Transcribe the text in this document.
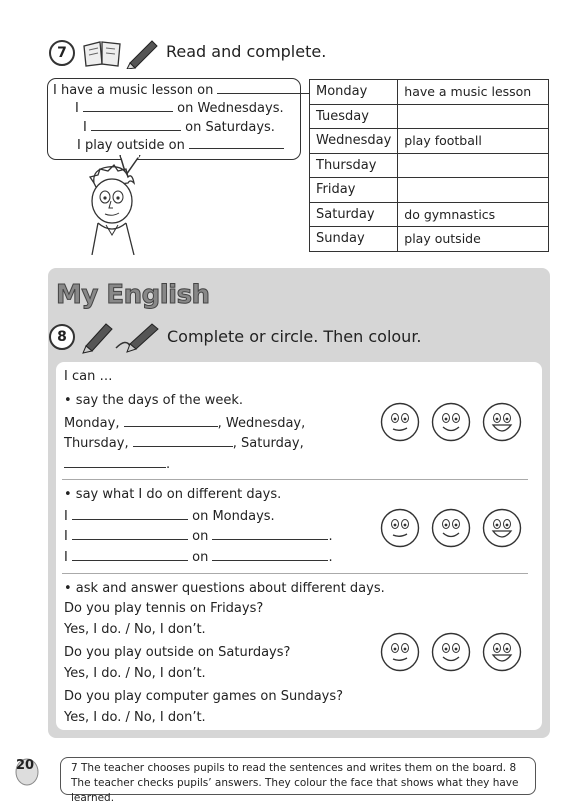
7	Read and complete.
I have a music lesson on
I	on Wednesdays.
I	on Saturdays.
I play outside on
Monday	have a music lesson
Tuesday	
Wednesday	play football
Thursday	
Friday	
Saturday	do gymnastics
Sunday	play outside
My English
8	Complete or circle. Then colour.
I can …
• say the days of the week.
Monday,	, Wednesday,
Thursday,	, Saturday,
.
• say what I do on different days.
I	on Mondays.
I	on	.
I	on	.
• ask and answer questions about different days.
Do you play tennis on Fridays?
Yes, I do. / No, I don’t.
Do you play outside on Saturdays?
Yes, I do. / No, I don’t.
Do you play computer games on Sundays?
Yes, I do. / No, I don’t.
20	7 The teacher chooses pupils to read the sentences and writes them on the board. 8 The teacher checks pupils’ answers. They colour the face that shows what they have learned.
